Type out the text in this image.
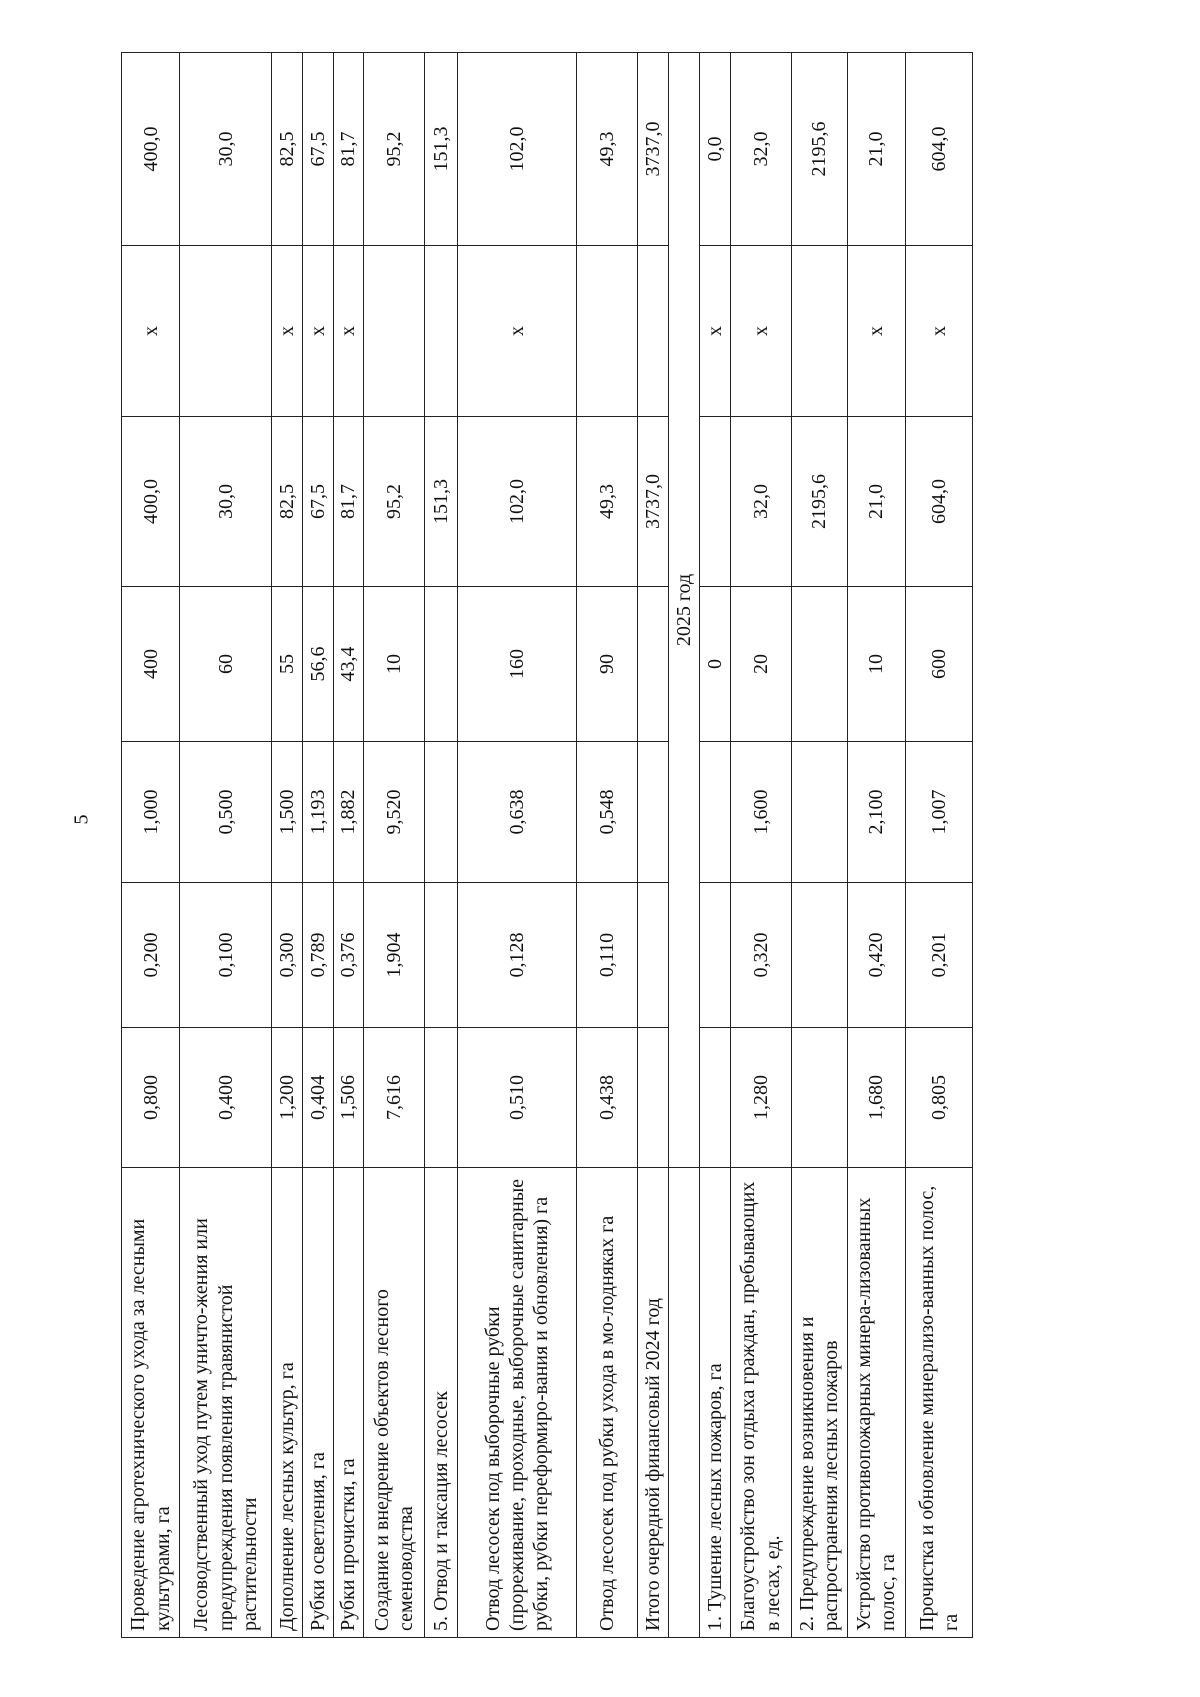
5
Проведение агротехнического ухода за лесными культурами, га	0,800	0,200	1,000	400	400,0	х	400,0
Лесоводственный уход путем уничто-жения или предупреждения появления травянистой растительности	0,400	0,100	0,500	60	30,0		30,0
Дополнение лесных культур, га	1,200	0,300	1,500	55	82,5	х	82,5
Рубки осветления, га	0,404	0,789	1,193	56,6	67,5	х	67,5
Рубки прочистки, га	1,506	0,376	1,882	43,4	81,7	х	81,7
Создание и внедрение объектов лесного семеноводства	7,616	1,904	9,520	10	95,2		95,2
5. Отвод и таксация лесосек					151,3		151,3
Отвод лесосек под выборочные рубки (прореживание, проходные, выборочные санитарные рубки, рубки переформиро-вания и обновления) га	0,510	0,128	0,638	160	102,0	х	102,0
Отвод лесосек под рубки ухода в мо-лодняках га	0,438	0,110	0,548	90	49,3		49,3
Итого очередной финансовый 2024 год					3737,0		3737,0
	2025 год						
1. Тушение лесных пожаров, га				0		х	0,0
Благоустройство зон отдыха граждан, пребывающих в лесах, ед.	1,280	0,320	1,600	20	32,0	х	32,0
2. Предупреждение возникновения и распространения лесных пожаров					2195,6		2195,6
Устройство противопожарных минера-лизованных полос, га	1,680	0,420	2,100	10	21,0	х	21,0
Прочистка и обновление минерализо-ванных полос, га	0,805	0,201	1,007	600	604,0	х	604,0
